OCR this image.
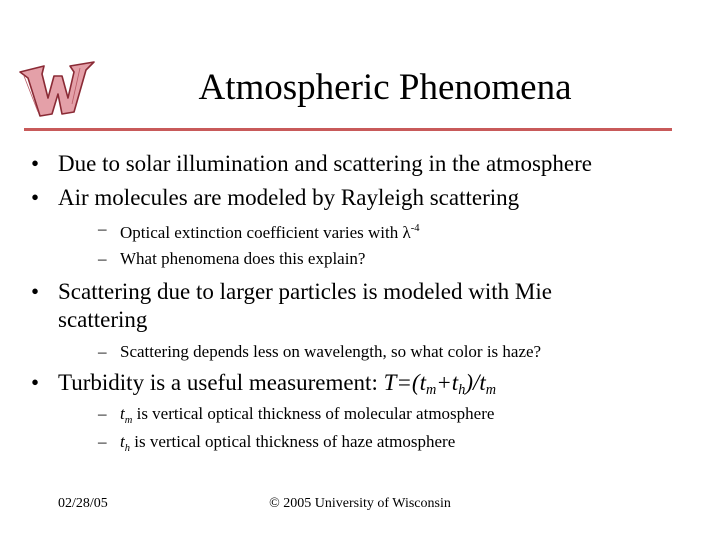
Atmospheric Phenomena
• Due to solar illumination and scattering in the atmosphere
• Air molecules are modeled by Rayleigh scattering
– Optical extinction coefficient varies with $\lambda^{-4}$
– What phenomena does this explain?
• Scattering due to larger particles is modeled with Mie
scattering
– Scattering depends less on wavelength, so what color is haze?
• Turbidity is a useful measurement: $T=(t_m+t_h)/t_m$
– $t_m$ is vertical optical thickness of molecular atmosphere
– $t_h$ is vertical optical thickness of haze atmosphere
02/28/05	© 2005 University of Wisconsin
